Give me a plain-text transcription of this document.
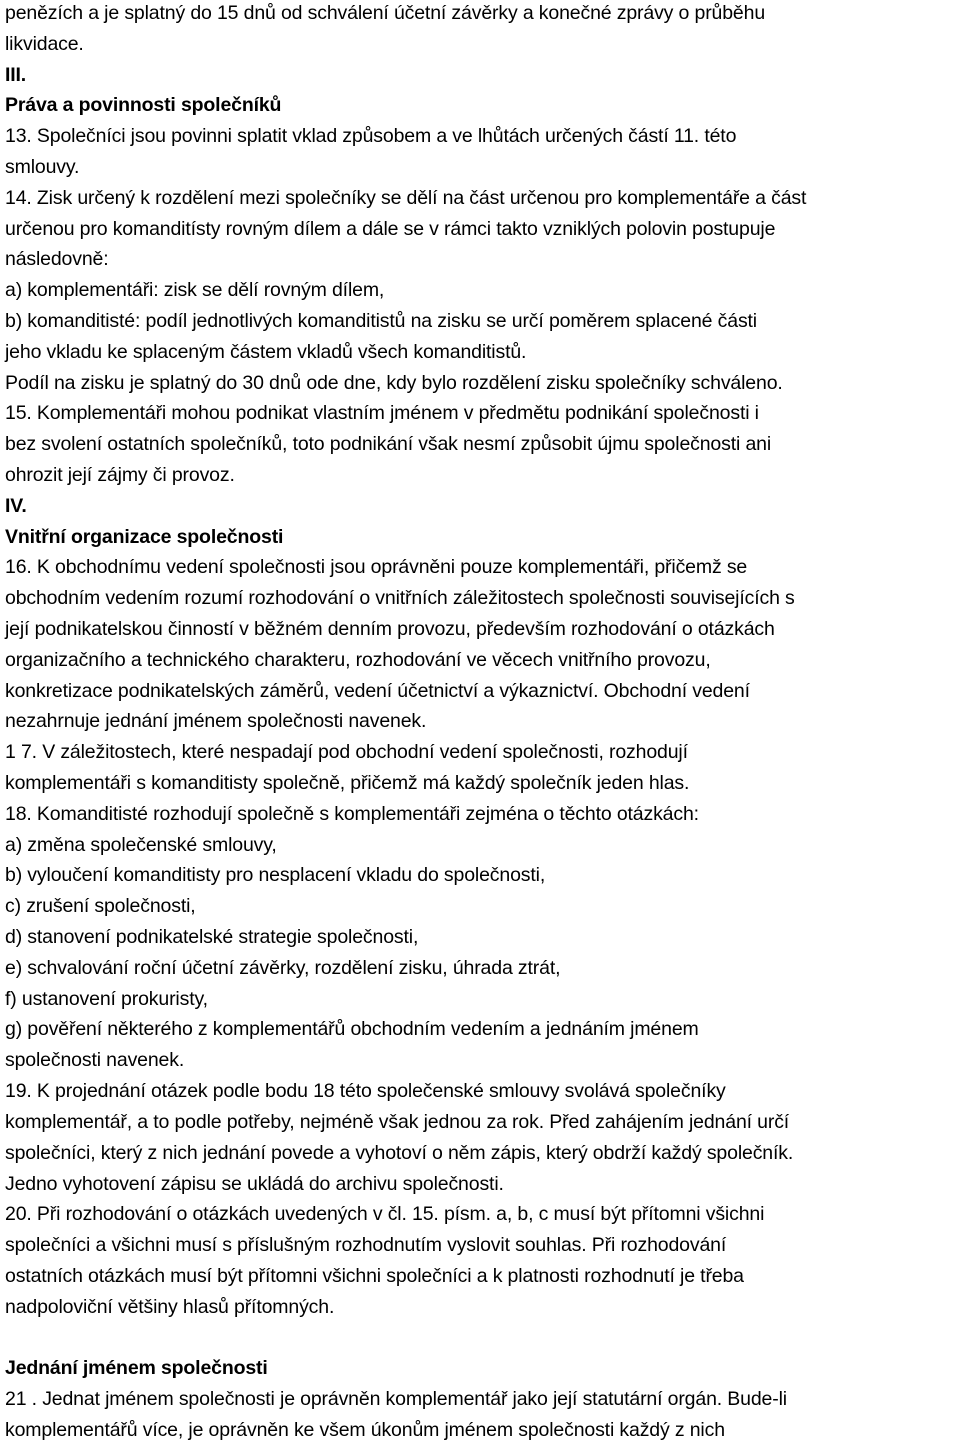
penězích a je splatný do 15 dnů od schválení účetní závěrky a konečné zprávy o průběhu
likvidace.
III.
Práva a povinnosti společníků
13. Společníci jsou povinni splatit vklad způsobem a ve lhůtách určených částí 11. této
smlouvy.
14. Zisk určený k rozdělení mezi společníky se dělí na část určenou pro komplementáře a část
určenou pro komanditísty rovným dílem a dále se v rámci takto vzniklých polovin postupuje
následovně:
a) komplementáři: zisk se dělí rovným dílem,
b) komanditisté: podíl jednotlivých komanditistů na zisku se určí poměrem splacené části
jeho vkladu ke splaceným částem vkladů všech komanditistů.
Podíl na zisku je splatný do 30 dnů ode dne, kdy bylo rozdělení zisku společníky schváleno.
15. Komplementáři mohou podnikat vlastním jménem v předmětu podnikání společnosti i
bez svolení ostatních společníků, toto podnikání však nesmí způsobit újmu společnosti ani
ohrozit její zájmy či provoz.
IV.
Vnitřní organizace společnosti
16. K obchodnímu vedení společnosti jsou oprávněni pouze komplementáři, přičemž se
obchodním vedením rozumí rozhodování o vnitřních záležitostech společnosti souvisejících s
její podnikatelskou činností v běžném denním provozu, především rozhodování o otázkách
organizačního a technického charakteru, rozhodování ve věcech vnitřního provozu,
konkretizace podnikatelských záměrů, vedení účetnictví a výkaznictví. Obchodní vedení
nezahrnuje jednání jménem společnosti navenek.
1 7. V záležitostech, které nespadají pod obchodní vedení společnosti, rozhodují
komplementáři s komanditisty společně, přičemž má každý společník jeden hlas.
18. Komanditisté rozhodují společně s komplementáři zejména o těchto otázkách:
a) změna společenské smlouvy,
b) vyloučení komanditisty pro nesplacení vkladu do společnosti,
c) zrušení společnosti,
d) stanovení podnikatelské strategie společnosti,
e) schvalování roční účetní závěrky, rozdělení zisku, úhrada ztrát,
f) ustanovení prokuristy,
g) pověření některého z komplementářů obchodním vedením a jednáním jménem
společnosti navenek.
19. K projednání otázek podle bodu 18 této společenské smlouvy svolává společníky
komplementář, a to podle potřeby, nejméně však jednou za rok. Před zahájením jednání určí
společníci, který z nich jednání povede a vyhotoví o něm zápis, který obdrží každý společník.
Jedno vyhotovení zápisu se ukládá do archivu společnosti.
20. Při rozhodování o otázkách uvedených v čl. 15. písm. a, b, c musí být přítomni všichni
společníci a všichni musí s příslušným rozhodnutím vyslovit souhlas. Při rozhodování
ostatních otázkách musí být přítomni všichni společníci a k platnosti rozhodnutí je třeba
nadpoloviční většiny hlasů přítomných.
Jednání jménem společnosti
21 . Jednat jménem společnosti je oprávněn komplementář jako její statutární orgán. Bude-li
komplementářů více, je oprávněn ke všem úkonům jménem společnosti každý z nich
